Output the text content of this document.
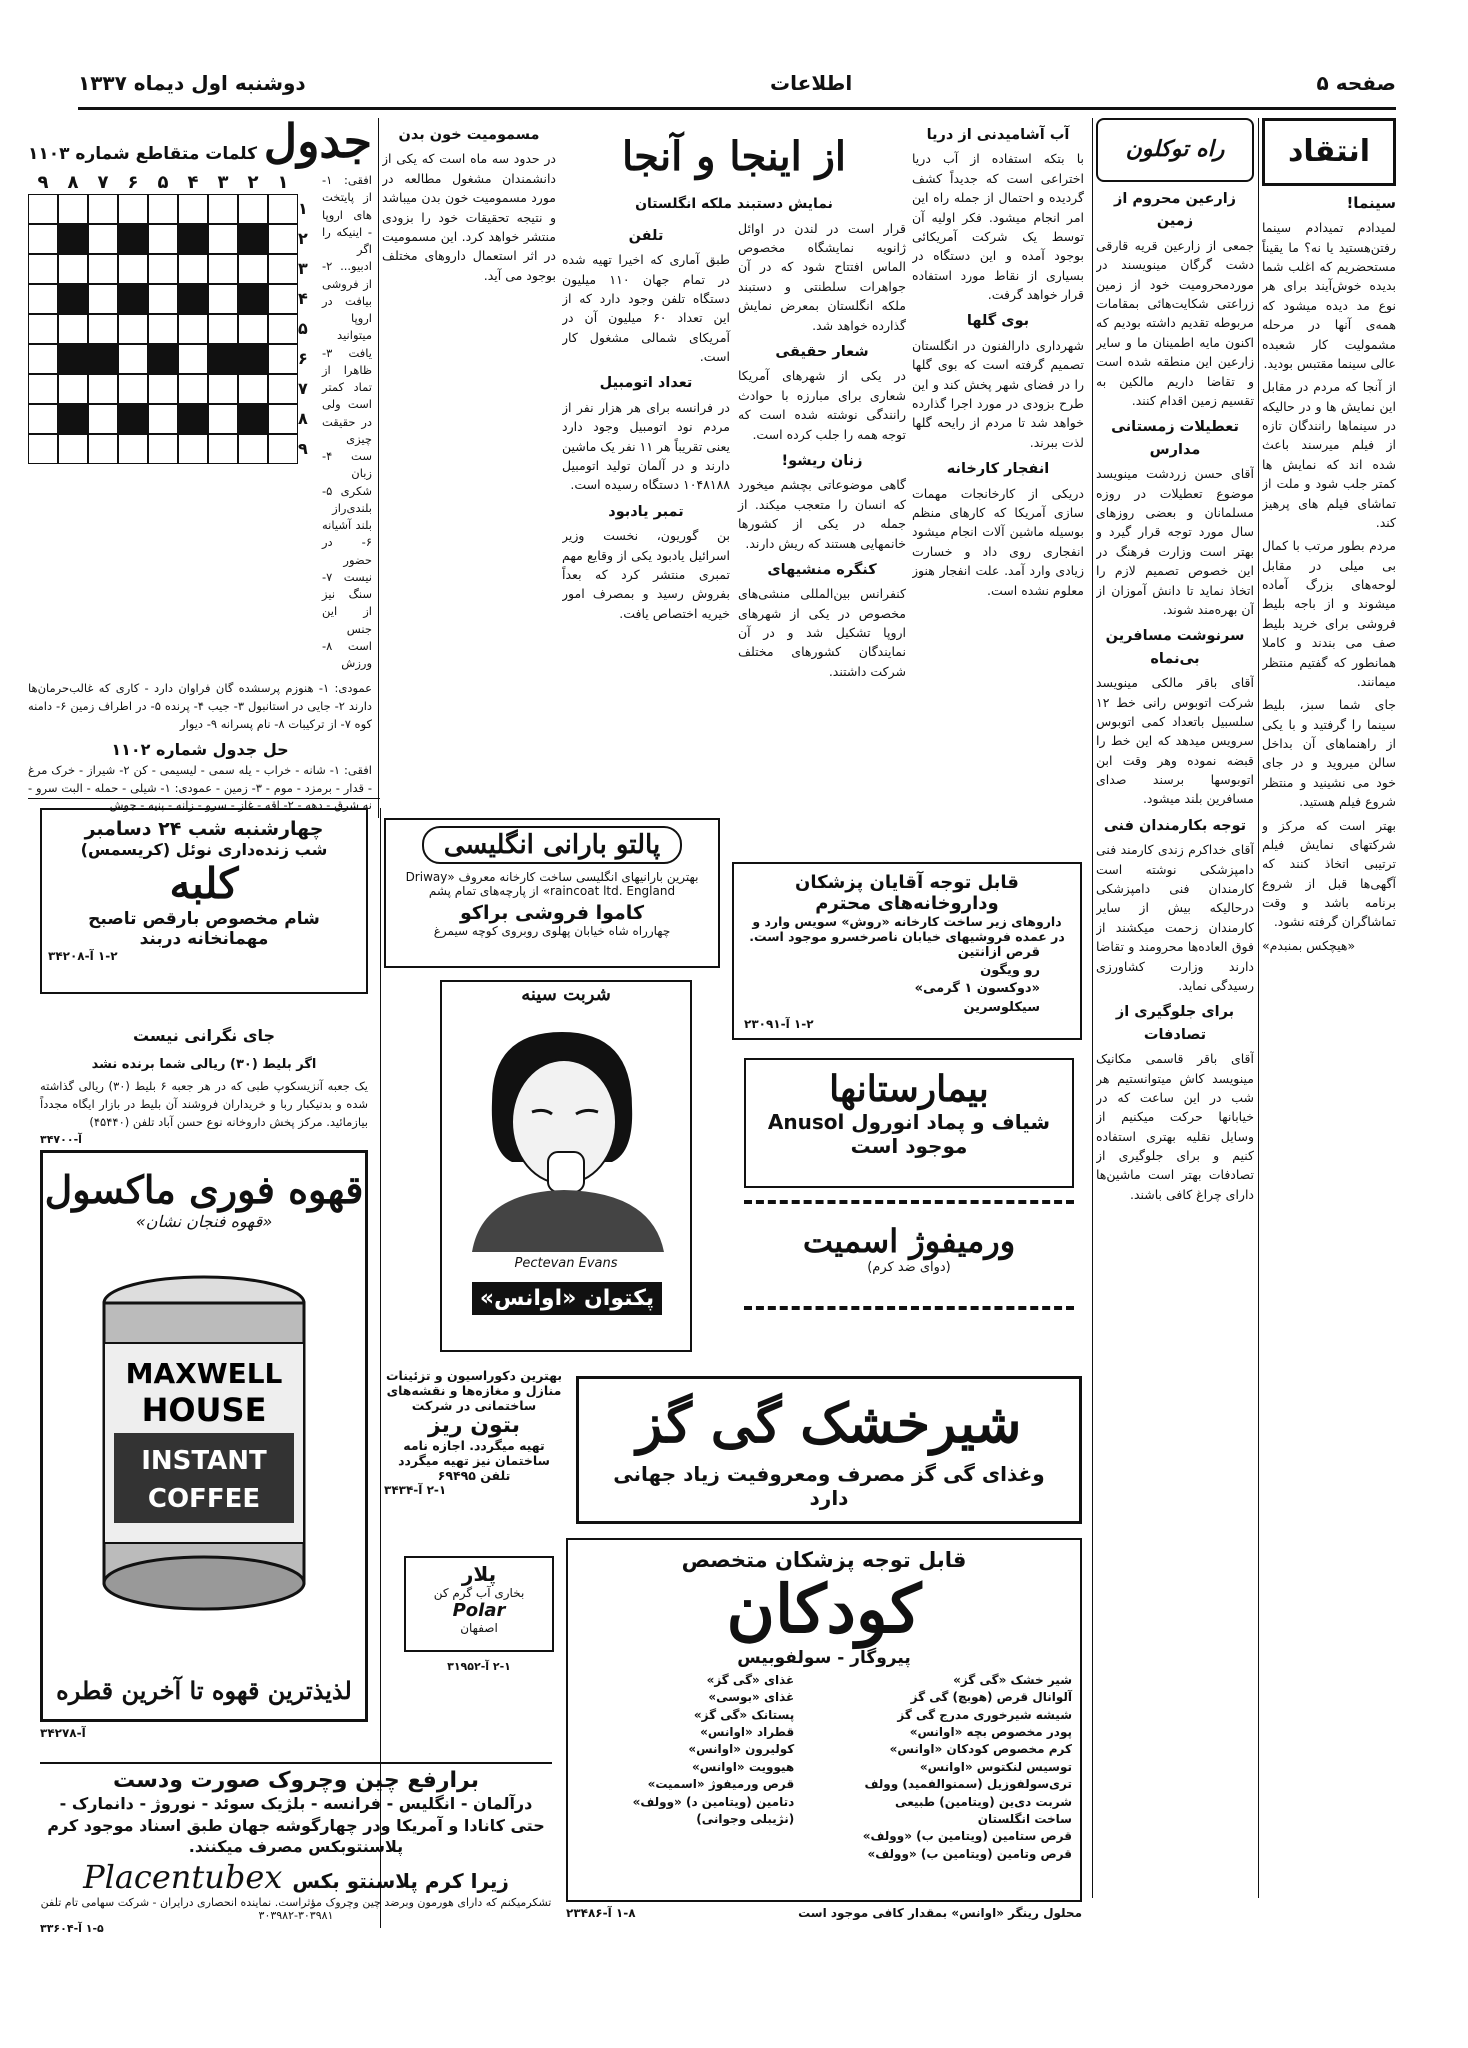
صفحه ۵
اطلاعات
دوشنبه اول دیماه ۱۳۳۷
انتقاد
سینما!

لمیدادم تمیدادم سینما رفتن‌هستید یا نه؟ ما یقیناً مستحضریم که اغلب شما بدیده خوش‌آیند برای هر نوع مد دیده میشود که همه‌ی آنها در مرحله مشمولیت کار شعبده عالی سینما مقتبس بودید.

از آنجا که مردم در مقابل این نمایش ها و در حالیکه در سینماها رانندگان تازه از فیلم میرسند باعث شده اند که نمایش ها کمتر جلب شود و ملت از تماشای فیلم های پرهیز کند.

مردم بطور مرتب با کمال بی میلی در مقابل لوحه‌های بزرگ آماده میشوند و از باجه بلیط فروشی برای خرید بلیط صف می بندند و کاملا همانطور که گفتیم منتظر میمانند.

جای شما سبز، بلیط سینما را گرفتید و با یکی از راهنماهای آن بداخل سالن میروید و در جای خود می نشینید و منتظر شروع فیلم هستید.

بهتر است که مرکز و شرکتهای نمایش فیلم ترتیبی اتخاذ کنند که آگهی‌ها قبل از شروع برنامه باشد و وقت تماشاگران گرفته نشود.

«هیچکس بمنبدم»

راه توکلون
زارعین محروم از زمین

جمعی از زارعین قریه قارقی دشت گرگان مینویسند در موردمحرومیت خود از زمین زراعتی شکایت‌هائی بمقامات مربوطه تقدیم داشته بودیم که اکنون مایه اطمینان ما و سایر زارعین این منطقه شده است و تقاضا داریم مالکین به تقسیم زمین اقدام کنند.

تعطیلات زمستانی مدارس

آقای حسن زردشت مینویسد موضوع تعطیلات در روزه مسلمانان و بعضی روزهای سال مورد توجه قرار گیرد و بهتر است وزارت فرهنگ در این خصوص تصمیم لازم را اتخاذ نماید تا دانش آموزان از آن بهره‌مند شوند.

سرنوشت مسافرین بی‌نماه

آقای باقر مالکی مینویسد شرکت اتوبوس رانی خط ۱۲ سلسبیل باتعداد کمی اتوبوس سرویس میدهد که این خط را قبضه نموده وهر وقت ابن اتوبوسها برسند صدای مسافرین بلند میشود.

توجه بکارمندان فنی

آقای خداکرم زندی کارمند فنی دامپزشکی نوشته است کارمندان فنی دامپزشکی درحالیکه بیش از سایر کارمندان زحمت میکشند از فوق العاده‌ها محرومند و تقاضا دارند وزارت کشاورزی رسیدگی نماید.

برای جلوگیری از تصادفات

آقای باقر قاسمی مکانیک مینویسد کاش میتوانستیم هر شب در این ساعت که در خیابانها حرکت میکنیم از وسایل نقلیه بهتری استفاده کنیم و برای جلوگیری از تصادفات بهتر است ماشین‌ها دارای چراغ کافی باشند.

آب آشامیدنی از دریا

با بتکه استفاده از آب دریا اختراعی است که جدیداً کشف گردیده و احتمال از جمله راه این امر انجام میشود. فکر اولیه آن توسط یک شرکت آمریکائی بوجود آمده و این دستگاه در بسیاری از نقاط مورد استفاده قرار خواهد گرفت.

بوی گلها

شهرداری دارالفنون در انگلستان تصمیم گرفته است که بوی گلها را در فضای شهر پخش کند و این طرح بزودی در مورد اجرا گذارده خواهد شد تا مردم از رایحه گلها لذت ببرند.

انفجار کارخانه

دریکی از کارخانجات مهمات سازی آمریکا که کارهای منظم بوسیله ماشین آلات انجام میشود انفجاری روی داد و خسارت زیادی وارد آمد. علت انفجار هنوز معلوم نشده است.

از اینجا و آنجا
نمایش دستبند ملکه انگلستان

قرار است در لندن در اوائل ژانویه نمایشگاه مخصوص الماس افتتاح شود که در آن جواهرات سلطنتی و دستبند ملکه انگلستان بمعرض نمایش گذارده خواهد شد.

شعار حقیقی

در یکی از شهرهای آمریکا شعاری برای مبارزه با حوادث رانندگی نوشته شده است که توجه همه را جلب کرده است.

زنان ریشو!

گاهی موضوعاتی بچشم میخورد که انسان را متعجب میکند. از جمله در یکی از کشورها خانمهایی هستند که ریش دارند.

کنگره منشیهای

کنفرانس بین‌المللی منشی‌های مخصوص در یکی از شهرهای اروپا تشکیل شد و در آن نمایندگان کشورهای مختلف شرکت داشتند.

تلفن

طبق آماری که اخیرا تهیه شده در تمام جهان ۱۱۰ میلیون دستگاه تلفن وجود دارد که از این تعداد ۶۰ میلیون آن در آمریکای شمالی مشغول کار است.

تعداد اتومبیل

در فرانسه برای هر هزار نفر از مردم نود اتومبیل وجود دارد یعنی تقریباً هر ۱۱ نفر یک ماشین دارند و در آلمان تولید اتومبیل ۱۰۴۸۱۸۸ دستگاه رسیده است.

تمبر یادبود

بن گوریون، نخست وزیر اسرائیل یادبود یکی از وقایع مهم تمبری منتشر کرد که بعداً بفروش رسید و بمصرف امور خیریه اختصاص یافت.

مسمومیت خون بدن

در حدود سه ماه است که یکی از دانشمندان مشغول مطالعه در مورد مسمومیت خون بدن میباشد و نتیجه تحقیقات خود را بزودی منتشر خواهد کرد. این مسمومیت در اثر استعمال داروهای مختلف بوجود می آید.

جدول
کلمات متقاطع شماره ۱۱۰۳
افقی: ۱- از پایتخت های اروپا - اینیکه را اگر ادبیو... ۲- از فروشی بیافت در اروپا میتوانید یافت ۳- ظاهرا از تماد کمتر است ولی در حقیقت چیزی ست ۴- زبان شکری‌ ۵- بلندی‌راز بلند آشیانه ۶- در حضور نیست ۷- سنگ نیز از این جنس است ۸- ورزش
۹ ۸ ۷ ۶ ۵ ۴ ۳ ۲ ۱
۱
۲
۳
۴
۵
۶
۷
۸
۹
عمودی: ۱- هنوزم پرسشده گان فراوان دارد - کاری که غالب‌حرمان‌ها دارند ۲- جایی در استانبول ۳- جیب ۴- پرنده ۵- در اطراف زمین ۶- دامنه کوه ۷- از ترکیبات ۸- نام پسرانه ۹- دیوار
حل جدول شماره ۱۱۰۲
افقی: ۱- شانه - خراب - یله سمی - لیسیمی - کن ۲- شیراز - خرک مرغ - قدار - برمزد - موم - ۳- زمین - عمودی: ۱- شیلی - حمله - البت سرو - نه شرق - دهه - ۲- اقه - غاز - سرو - زانه - پنیه - جوش
چهارشنبه شب ۲۴ دسامبر
شب زنده‌داری نوئل (کریسمس)
کلبه
شام مخصوص بارقص تاصبح
مهمانخانه دربند
۱-۲ آ-۳۴۲۰۸
جای نگرانی نیست
اگر بلیط (۳۰) ریالی شما برنده نشد
یک جعبه آنزیسکوپ طبی که در هر جعبه ۶ بلیط (۳۰) ریالی گذاشته شده و بدنیکبار ربا و خریداران فروشند آن بلیط در بازار ایگاه مجدداً بیازمائید. مرکز پخش داروخانه نوع حسن آباد تلفن (۴۵۴۴۰)
آ-۳۴۷۰۰
قهوه فوری ماکسول
«قهوه فنجان نشان»
MAXWELL
HOUSE
INSTANT
COFFEE
لذیذترین قهوه تا آخرین قطره
آ-۳۴۲۷۸
پالتو بارانی انگلیسی
بهترین بارانیهای انگلیسی ساخت کارخانه معروف «Driway raincoat ltd. England» از پارچه‌های تمام پشم
کاموا فروشی براکو
چهارراه شاه خیابان پهلوی روبروی کوچه سیمرغ
شربت سینه
Pectevan Evans
پکتوان «اوانس»
بهترین دکوراسیون و تزئینات منازل و مغازه‌ها و نقشه‌های ساختمانی در شرکت
بتون ریز
تهیه میگردد. اجازه نامه ساختمان نیز تهیه میگردد
تلفن ۶۹۴۹۵
۲-۱ آ-۳۴۳۴
پلار
بخاری آب گرم کن
Polar
اصفهان
۲-۱ آ-۳۱۹۵۲
قابل توجه آقایان پزشکان
وداروخانه‌های محترم
داروهای زیر ساخت کارخانه «روش» سویس وارد و در عمده فروشیهای خیابان ناصرخسرو موجود است.
قرص ازانتین
رو ویگون
«دوکسون ۱ گرمی»
سیکلوسرین
۱-۲ آ-۲۳۰۹۱
بیمارستانها
شیاف و پماد انورول Anusol
موجود است
ورمیفوژ اسمیت
(دوای ضد کرم)
شیرخشک گی گز
وغذای گی گز مصرف ومعروفیت زیاد جهانی دارد
قابل توجه پزشکان متخصص
کودکان
پیروگار - سولفوبیس
شیر خشک «گی گز»
آلوانال قرص (هوبچ) گی گز
شیشه شیرخوری مدرج گی گز
پودر مخصوص بچه «اوانس»
کرم مخصوص کودکان «اوانس»
توسیس لنکتوس «اوانس»
تری‌سولفوزیل (سمنوالفمید) وولف
شربت دی‌ین (ویتامین) طبیعی
ساخت انگلستان
قرص ستامین (ویتامین ب) «وولف»
قرص وتامین (ویتامین ب) «وولف»
غذای «گی گز»
غذای «بوسی»
پستانک «گی گز»
قطراد «اوانس»
کولیرون «اوانس»
هیوویت «اوانس»
قرص ورمیفوژ «اسمیت»
دتامین (ویتامین د) «وولف»
(نژیبلی وجوانی)
محلول رینگر «اوانس» بمقدار کافی موجود است
۱-۸ آ-۲۳۴۸۶
برارفع چین وچروک صورت ودست
درآلمان - انگلیس - فرانسه - بلژیک سوئد - نوروژ - دانمارک - حتی کانادا و آمریکا ودر چهارگوشه جهان طبق اسناد موجود کرم پلاسنتوبکس مصرف میکنند.
زیرا کرم پلاسنتو بکس
Placentubex
تشکرمیکنم که دارای هورمون وبرضد چین وچروک مؤثراست. نماینده انحصاری درایران - شرکت سهامی تام تلفن ۳۰۳۹۸۱-۳۰۳۹۸۲
۱-۵ آ-۳۳۶۰۴
